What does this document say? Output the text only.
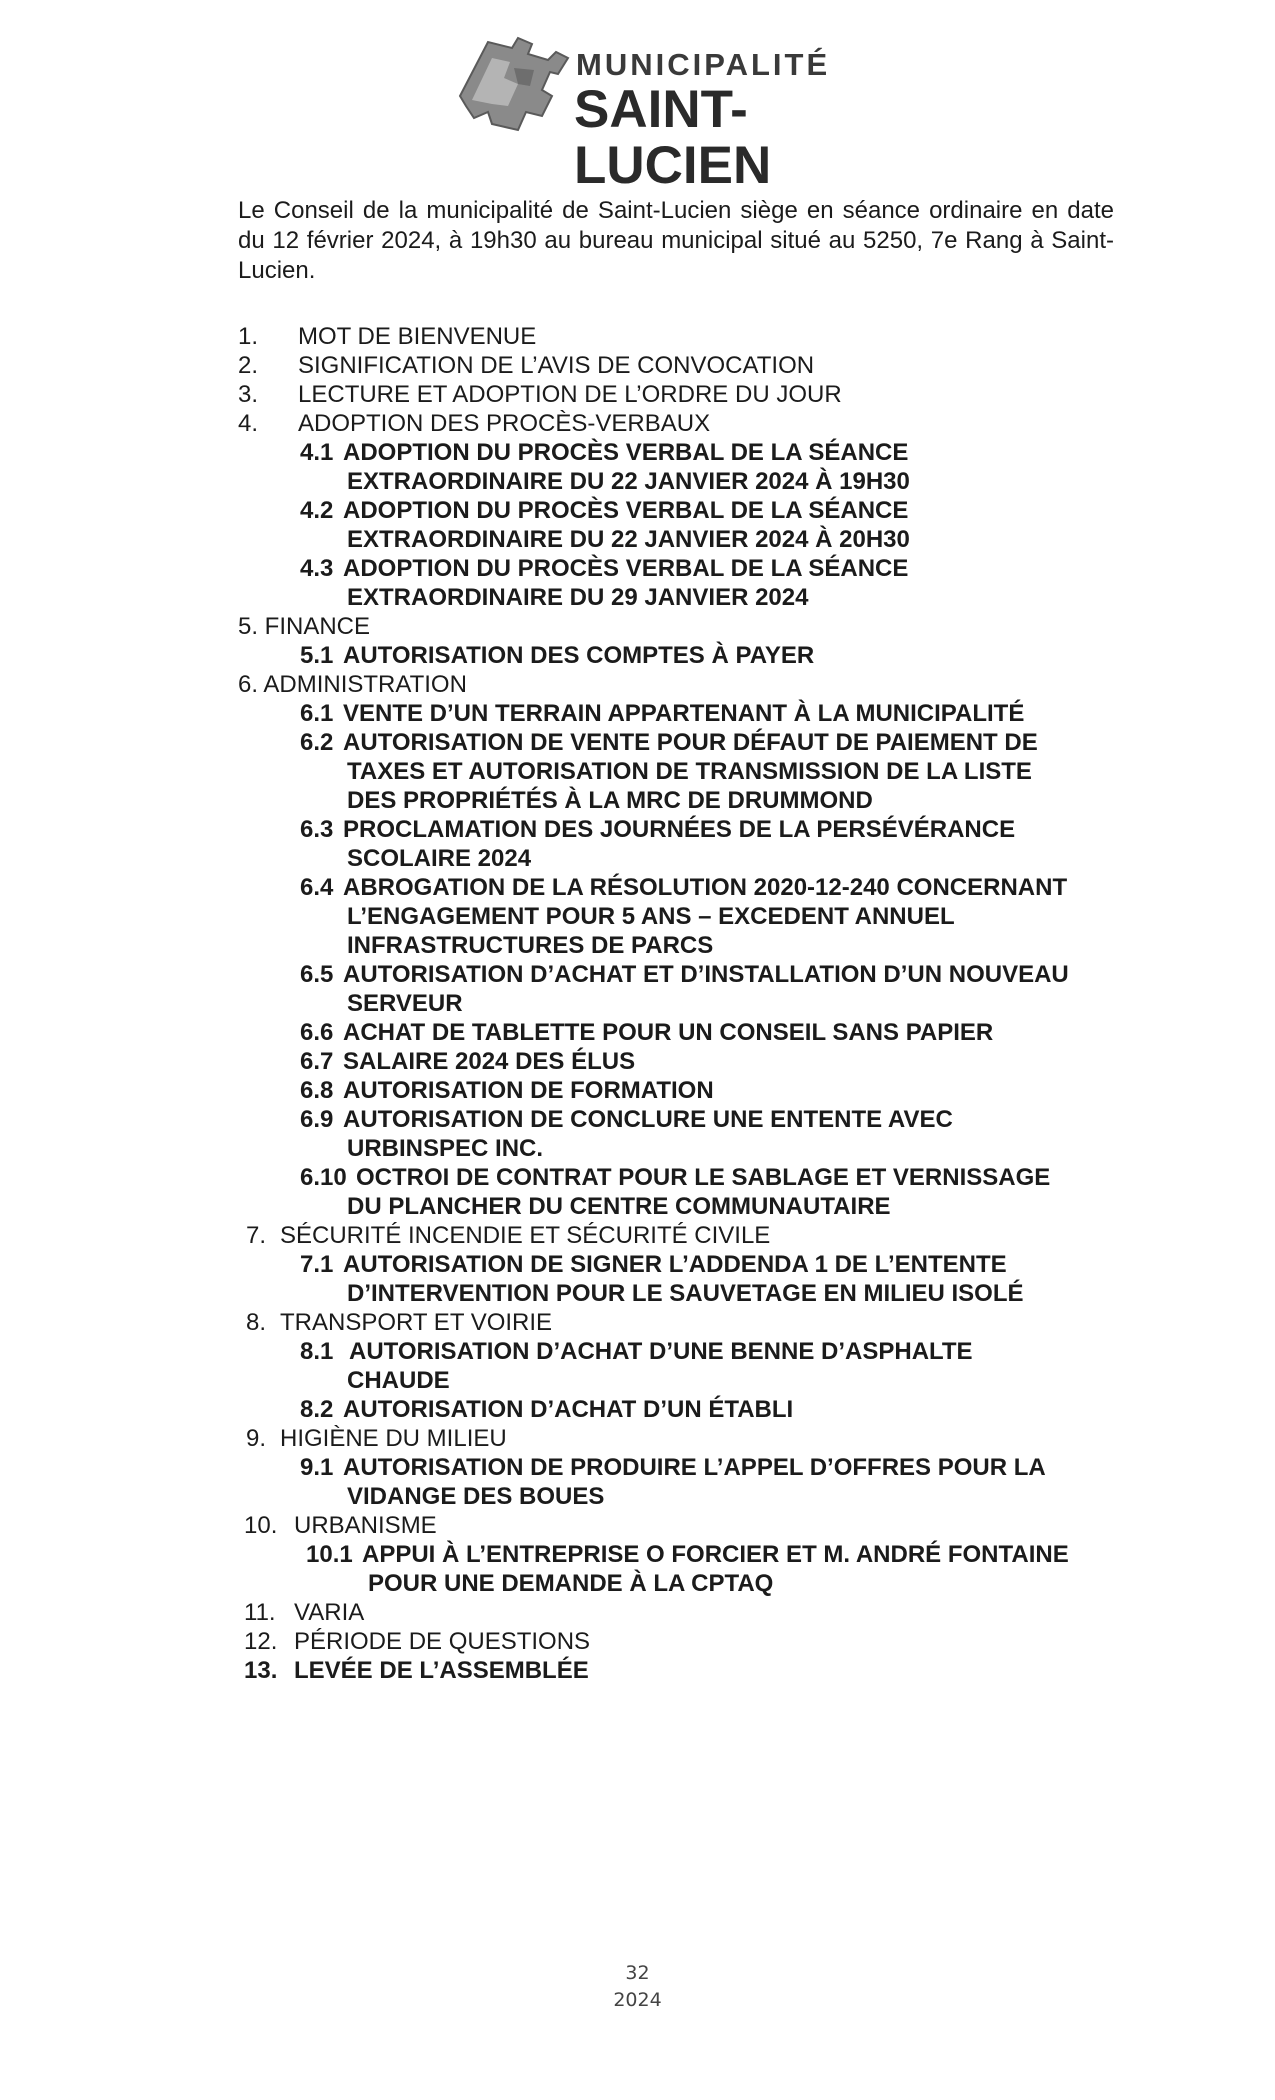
MUNICIPALITÉ
SAINT-LUCIEN
Le Conseil de la municipalité de Saint-Lucien siège en séance ordinaire en date du 12 février 2024, à 19h30 au bureau municipal situé au 5250, 7e Rang à Saint-Lucien.
1. MOT DE BIENVENUE
2. SIGNIFICATION DE L’AVIS DE CONVOCATION
3. LECTURE ET ADOPTION DE L’ORDRE DU JOUR
4. ADOPTION DES PROCÈS-VERBAUX
4.1 ADOPTION DU PROCÈS VERBAL DE LA SÉANCE
EXTRAORDINAIRE DU 22 JANVIER 2024 À 19H30
4.2 ADOPTION DU PROCÈS VERBAL DE LA SÉANCE
EXTRAORDINAIRE DU 22 JANVIER 2024 À 20H30
4.3 ADOPTION DU PROCÈS VERBAL DE LA SÉANCE
EXTRAORDINAIRE DU 29 JANVIER 2024
5. FINANCE
5.1 AUTORISATION DES COMPTES À PAYER
6. ADMINISTRATION
6.1 VENTE D’UN TERRAIN APPARTENANT À LA MUNICIPALITÉ
6.2 AUTORISATION DE VENTE POUR DÉFAUT DE PAIEMENT DE
TAXES ET AUTORISATION DE TRANSMISSION DE LA LISTE
DES PROPRIÉTÉS À LA MRC DE DRUMMOND
6.3 PROCLAMATION DES JOURNÉES DE LA PERSÉVÉRANCE
SCOLAIRE 2024
6.4 ABROGATION DE LA RÉSOLUTION 2020-12-240 CONCERNANT
L’ENGAGEMENT POUR 5 ANS – EXCEDENT ANNUEL
INFRASTRUCTURES DE PARCS
6.5 AUTORISATION D’ACHAT ET D’INSTALLATION D’UN NOUVEAU
SERVEUR
6.6 ACHAT DE TABLETTE POUR UN CONSEIL SANS PAPIER
6.7 SALAIRE 2024 DES ÉLUS
6.8 AUTORISATION DE FORMATION
6.9 AUTORISATION DE CONCLURE UNE ENTENTE AVEC
URBINSPEC INC.
6.10 OCTROI DE CONTRAT POUR LE SABLAGE ET VERNISSAGE
DU PLANCHER DU CENTRE COMMUNAUTAIRE
7. SÉCURITÉ INCENDIE ET SÉCURITÉ CIVILE
7.1 AUTORISATION DE SIGNER L’ADDENDA 1 DE L’ENTENTE
D’INTERVENTION POUR LE SAUVETAGE EN MILIEU ISOLÉ
8. TRANSPORT ET VOIRIE
8.1 AUTORISATION D’ACHAT D’UNE BENNE D’ASPHALTE
CHAUDE
8.2 AUTORISATION D’ACHAT D’UN ÉTABLI
9. HIGIÈNE DU MILIEU
9.1 AUTORISATION DE PRODUIRE L’APPEL D’OFFRES POUR LA
VIDANGE DES BOUES
10. URBANISME
10.1 APPUI À L’ENTREPRISE O FORCIER ET M. ANDRÉ FONTAINE
POUR UNE DEMANDE À LA CPTAQ
11. VARIA
12. PÉRIODE DE QUESTIONS
13. LEVÉE DE L’ASSEMBLÉE
32
2024
